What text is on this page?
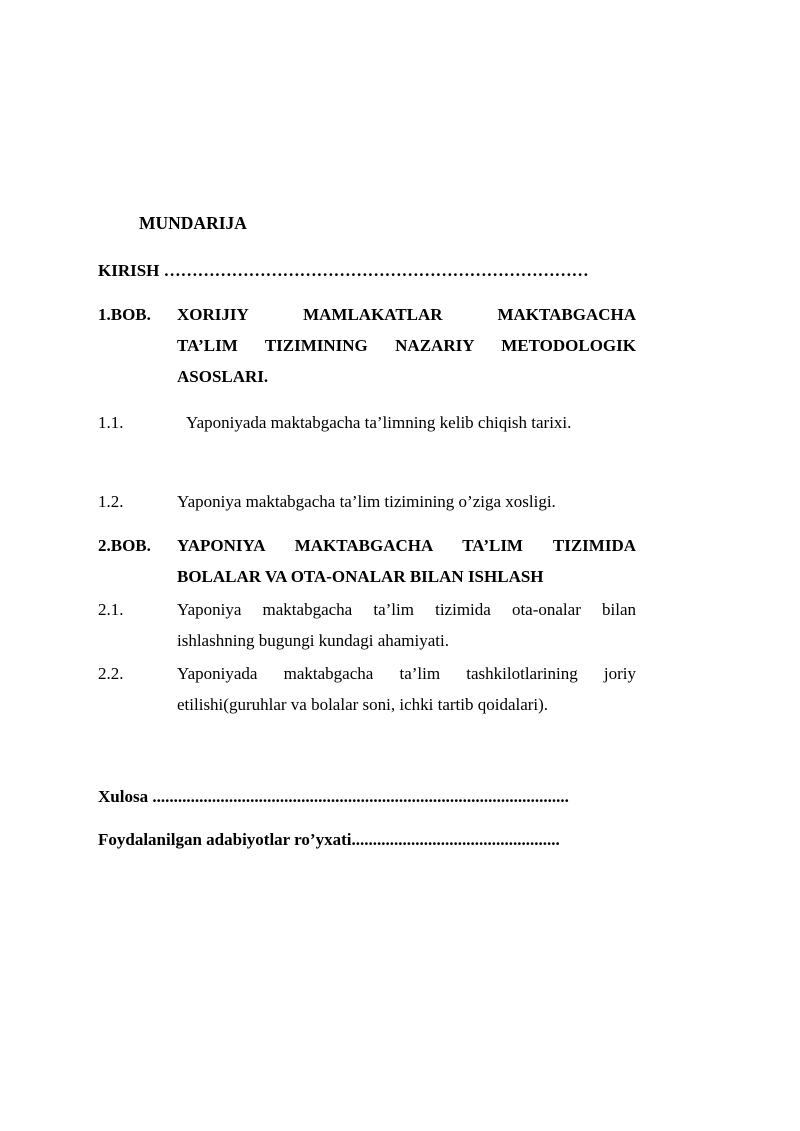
MUNDARIJA
KIRISH …………………………………………………………………
1.BOB. XORIJIY MAMLAKATLAR MAKTABGACHA
TA’LIM TIZIMINING NAZARIY METODOLOGIK
ASOSLARI.
1.1.	Yaponiyada maktabgacha ta’limning kelib chiqish tarixi.
1.2.	Yaponiya maktabgacha ta’lim tizimining o’ziga xosligi.
2.BOB. YAPONIYA MAKTABGACHA TA’LIM TIZIMIDA
BOLALAR VA OTA-ONALAR BILAN ISHLASH
2.1.	Yaponiya maktabgacha ta’lim tizimida ota-onalar bilan
ishlashning bugungi kundagi ahamiyati.
2.2.	Yaponiyada maktabgacha ta’lim tashkilotlarining joriy
etilishi(guruhlar va bolalar soni, ichki tartib qoidalari).
Xulosa ..................................................................................................
Foydalanilgan adabiyotlar ro’yxati.................................................
